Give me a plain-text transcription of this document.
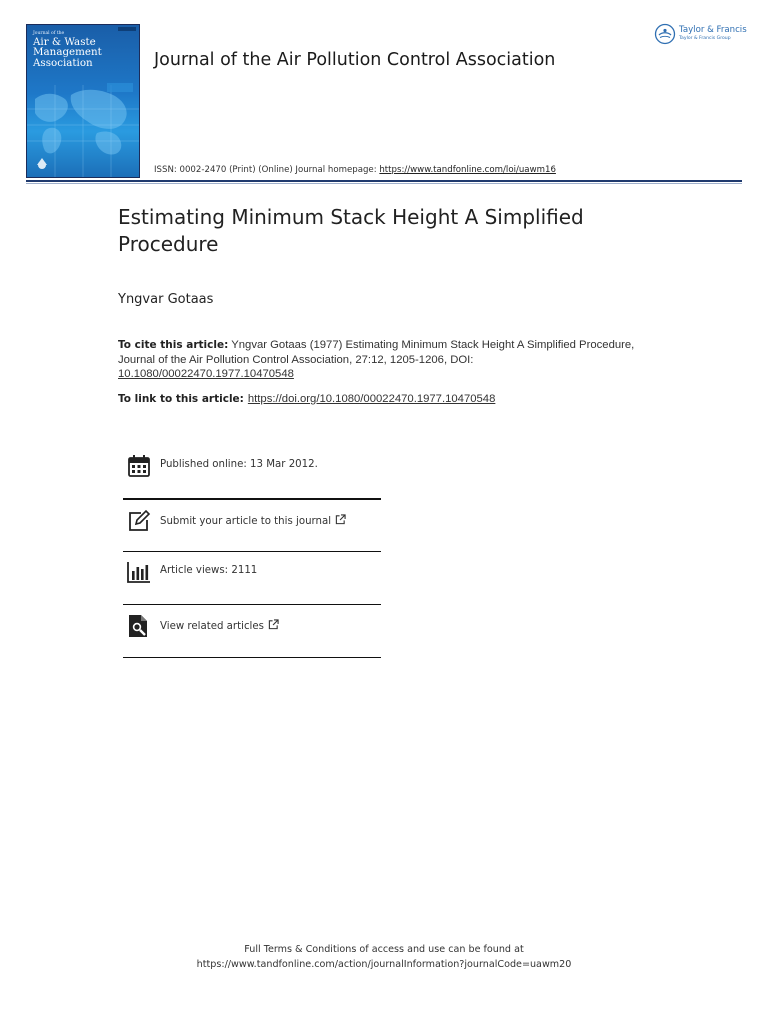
Journal of the
Air & Waste
Management
Association	Journal of the Air Pollution Control Association
ISSN: 0002-2470 (Print) (Online) Journal homepage: https://www.tandfonline.com/loi/uawm16
Taylor & Francis
Taylor & Francis Group
Estimating Minimum Stack Height A Simplified Procedure
Yngvar Gotaas
To cite this article: Yngvar Gotaas (1977) Estimating Minimum Stack Height A Simplified Procedure, Journal of the Air Pollution Control Association, 27:12, 1205-1206, DOI: 10.1080/00022470.1977.10470548
To link to this article: https://doi.org/10.1080/00022470.1977.10470548
Published online: 13 Mar 2012.
Submit your article to this journal
Article views: 2111
View related articles
Full Terms & Conditions of access and use can be found at
https://www.tandfonline.com/action/journalInformation?journalCode=uawm20
